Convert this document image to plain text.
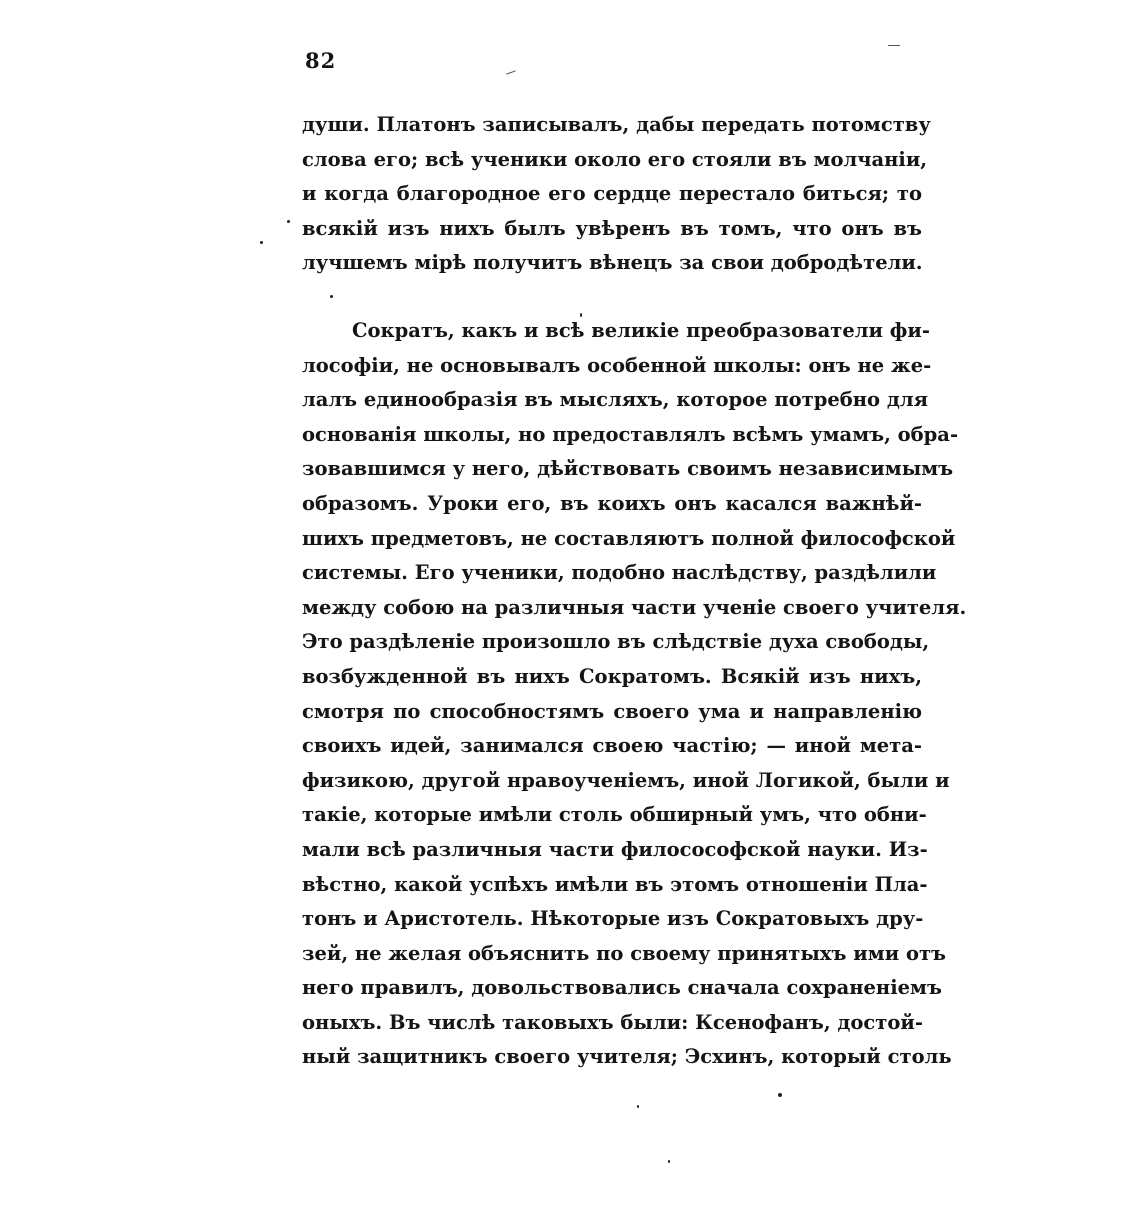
82
души. Платонъ записывалъ, дабы передать потомству
слова его; всѣ ученики около его стояли въ молчаніи,
и когда благородное его сердце перестало биться; то
всякій изъ нихъ былъ увѣренъ въ томъ, что онъ въ
лучшемъ мірѣ получитъ вѣнецъ за свои добродѣтели.
Сократъ, какъ и всѣ великіе преобразователи фи-
лософіи, не основывалъ особенной школы: онъ не же-
лалъ единообразія въ мысляхъ, которое потребно для
основанія школы, но предоставлялъ всѣмъ умамъ, обра-
зовавшимся у него, дѣйствовать своимъ независимымъ
образомъ. Уроки его, въ коихъ онъ касался важнѣй-
шихъ предметовъ, не составляютъ полной философской
системы. Его ученики, подобно наслѣдству, раздѣлили
между собою на различныя части ученіе своего учителя.
Это раздѣленіе произошло въ слѣдствіе духа свободы,
возбужденной въ нихъ Сократомъ. Всякій изъ нихъ,
смотря по способностямъ своего ума и направленію
своихъ идей, занимался своею частію; — иной мета-
физикою, другой нравоученіемъ, иной Логикой, были и
такіе, которые имѣли столь обширный умъ, что обни-
мали всѣ различныя части филосософской науки. Из-
вѣстно, какой успѣхъ имѣли въ этомъ отношеніи Пла-
тонъ и Аристотель. Нѣкоторые изъ Сократовыхъ дру-
зей, не желая объяснить по своему принятыхъ ими отъ
него правилъ, довольствовались сначала сохраненіемъ
оныхъ. Въ числѣ таковыхъ были: Ксенофанъ, достой-
ный защитникъ своего учителя; Эсхинъ, который столь
